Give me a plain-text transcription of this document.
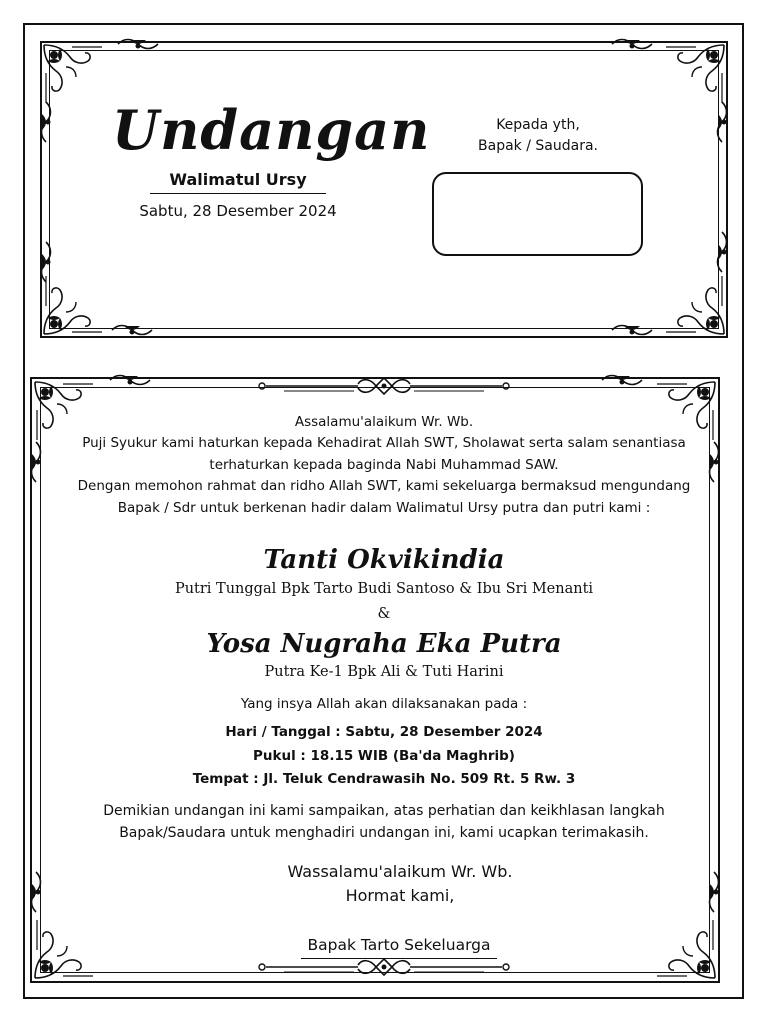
Undangan
Walimatul Ursy
Sabtu, 28 Desember 2024
Kepada yth,
Bapak / Saudara.
Assalamu'alaikum Wr. Wb.
Puji Syukur kami haturkan kepada Kehadirat Allah SWT, Sholawat serta salam senantiasa terhaturkan kepada baginda Nabi Muhammad SAW.
Dengan memohon rahmat dan ridho Allah SWT, kami sekeluarga bermaksud mengundang Bapak / Sdr untuk berkenan hadir dalam Walimatul Ursy putra dan putri kami :
Tanti Okvikindia
Putri Tunggal Bpk Tarto Budi Santoso & Ibu Sri Menanti
&
Yosa Nugraha Eka Putra
Putra Ke-1 Bpk Ali & Tuti Harini
Yang insya Allah akan dilaksanakan pada :
Hari / Tanggal : Sabtu, 28 Desember 2024
Pukul : 18.15 WIB (Ba'da Maghrib)
Tempat : Jl. Teluk Cendrawasih No. 509 Rt. 5 Rw. 3
Demikian undangan ini kami sampaikan, atas perhatian dan keikhlasan langkah Bapak/Saudara untuk menghadiri undangan ini, kami ucapkan terimakasih.
Wassalamu'alaikum Wr. Wb.
Hormat kami,
Bapak Tarto Sekeluarga
